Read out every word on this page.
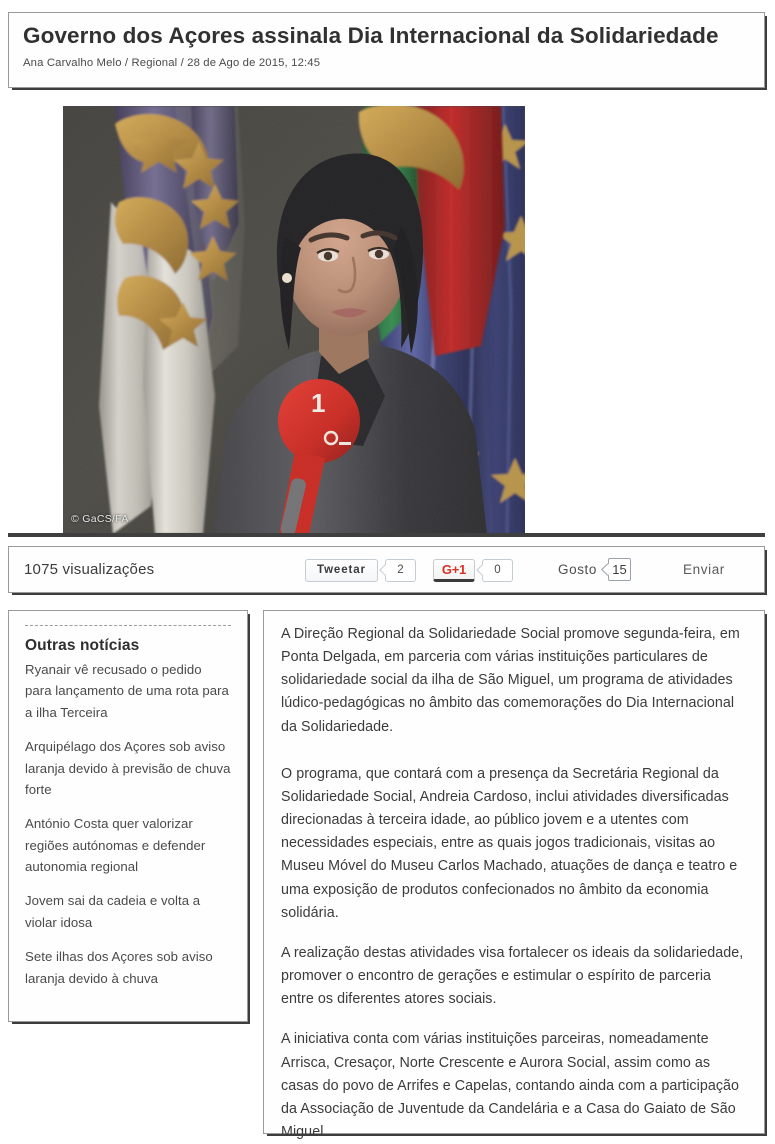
Governo dos Açores assinala Dia Internacional da Solidariedade
Ana Carvalho Melo / Regional / 28 de Ago de 2015, 12:45
© GaCS/FA
1075 visualizações	Tweetar	2	G +1 0	Gosto 15	Enviar
Outras notícias
Ryanair vê recusado o pedido para lançamento de uma rota para a ilha Terceira
Arquipélago dos Açores sob aviso laranja devido à previsão de chuva forte
António Costa quer valorizar regiões autónomas e defender autonomia regional
Jovem sai da cadeia e volta a violar idosa
Sete ilhas dos Açores sob aviso laranja devido à chuva

A Direção Regional da Solidariedade Social promove segunda-feira, em Ponta Delgada, em parceria com várias instituições particulares de solidariedade social da ilha de São Miguel, um programa de atividades lúdico-pedagógicas no âmbito das comemorações do Dia Internacional da Solidariedade.

O programa, que contará com a presença da Secretária Regional da Solidariedade Social, Andreia Cardoso, inclui atividades diversificadas direcionadas à terceira idade, ao público jovem e a utentes com necessidades especiais, entre as quais jogos tradicionais, visitas ao Museu Móvel do Museu Carlos Machado, atuações de dança e teatro e uma exposição de produtos confecionados no âmbito da economia solidária.

A realização destas atividades visa fortalecer os ideais da solidariedade, promover o encontro de gerações e estimular o espírito de parceria entre os diferentes atores sociais.

A iniciativa conta com várias instituições parceiras, nomeadamente Arrisca, Cresaçor, Norte Crescente e Aurora Social, assim como as casas do povo de Arrifes e Capelas, contando ainda com a participação da Associação de Juventude da Candelária e a Casa do Gaiato de São Miguel.
